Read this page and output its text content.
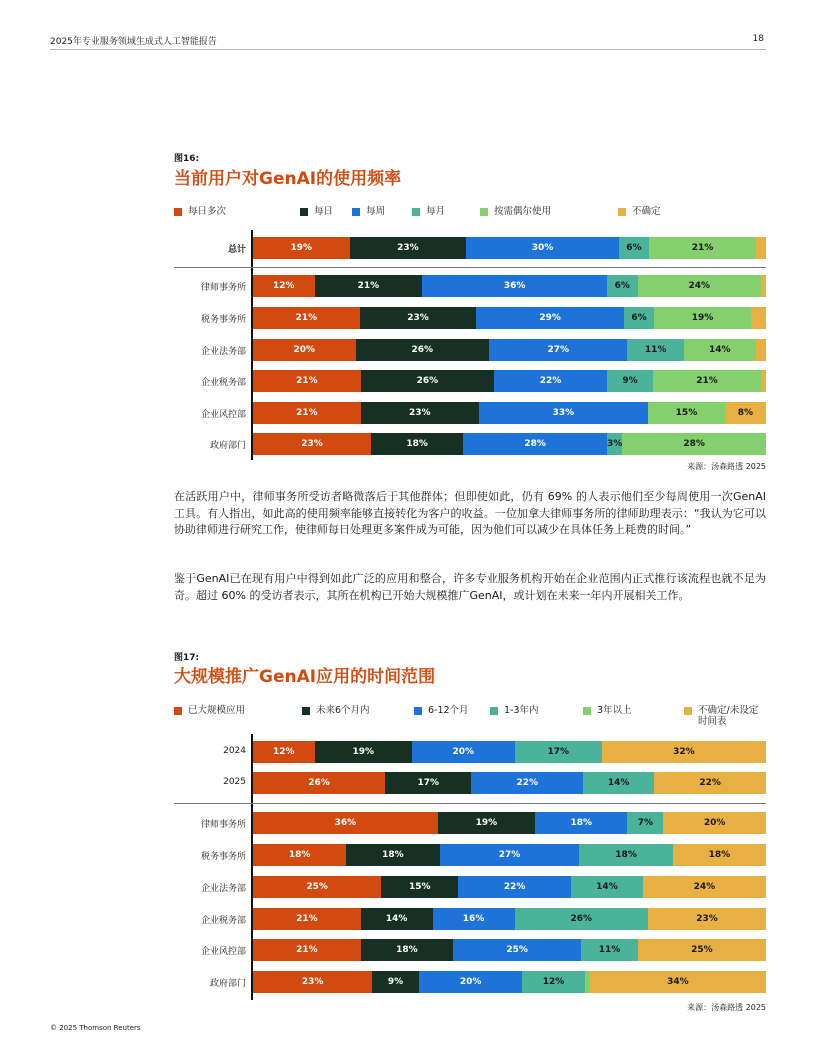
2025年专业服务领域生成式人工智能报告	18
图16:
当前用户对GenAI的使用频率
每日多次	每日	每周	每月	按需偶尔使用	不确定
总计	19%	23%	30%	6%	21%
律师事务所	12%	21%	36%	6%	24%
税务事务所	21%	23%	29%	6%	19%
企业法务部	20%	26%	27%	11%	14%
企业税务部	21%	26%	22%	9%	21%
企业风控部	21%	23%	33%	15%	8%
政府部门	23%	18%	28%	3%	28%
来源：汤森路透 2025
在活跃用户中，律师事务所受访者略微落后于其他群体；但即使如此，仍有 69% 的人表示他们至少每周使用一次GenAI工具。有人指出，如此高的使用频率能够直接转化为客户的收益。一位加拿大律师事务所的律师助理表示：“我认为它可以协助律师进行研究工作，使律师每日处理更多案件成为可能，因为他们可以减少在具体任务上耗费的时间。”
鉴于GenAI已在现有用户中得到如此广泛的应用和整合，许多专业服务机构开始在企业范围内正式推行该流程也就不足为奇。超过 60% 的受访者表示，其所在机构已开始大规模推广GenAI，或计划在未来一年内开展相关工作。
图17:
大规模推广GenAI应用的时间范围
已大规模应用	未来6个月内	6-12个月	1-3年内	3年以上	不确定/未设定时间表
2024	12%	19%	20%	17%	32%
2025	26%	17%	22%	14%	22%
律师事务所	36%	19%	18%	7%	20%
税务事务所	18%	18%	27%	18%	18%
企业法务部	25%	15%	22%	14%	24%
企业税务部	21%	14%	16%	26%	23%
企业风控部	21%	18%	25%	11%	25%
政府部门	23%	9%	20%	12%	34%
来源：汤森路透 2025
© 2025 Thomson Reuters
